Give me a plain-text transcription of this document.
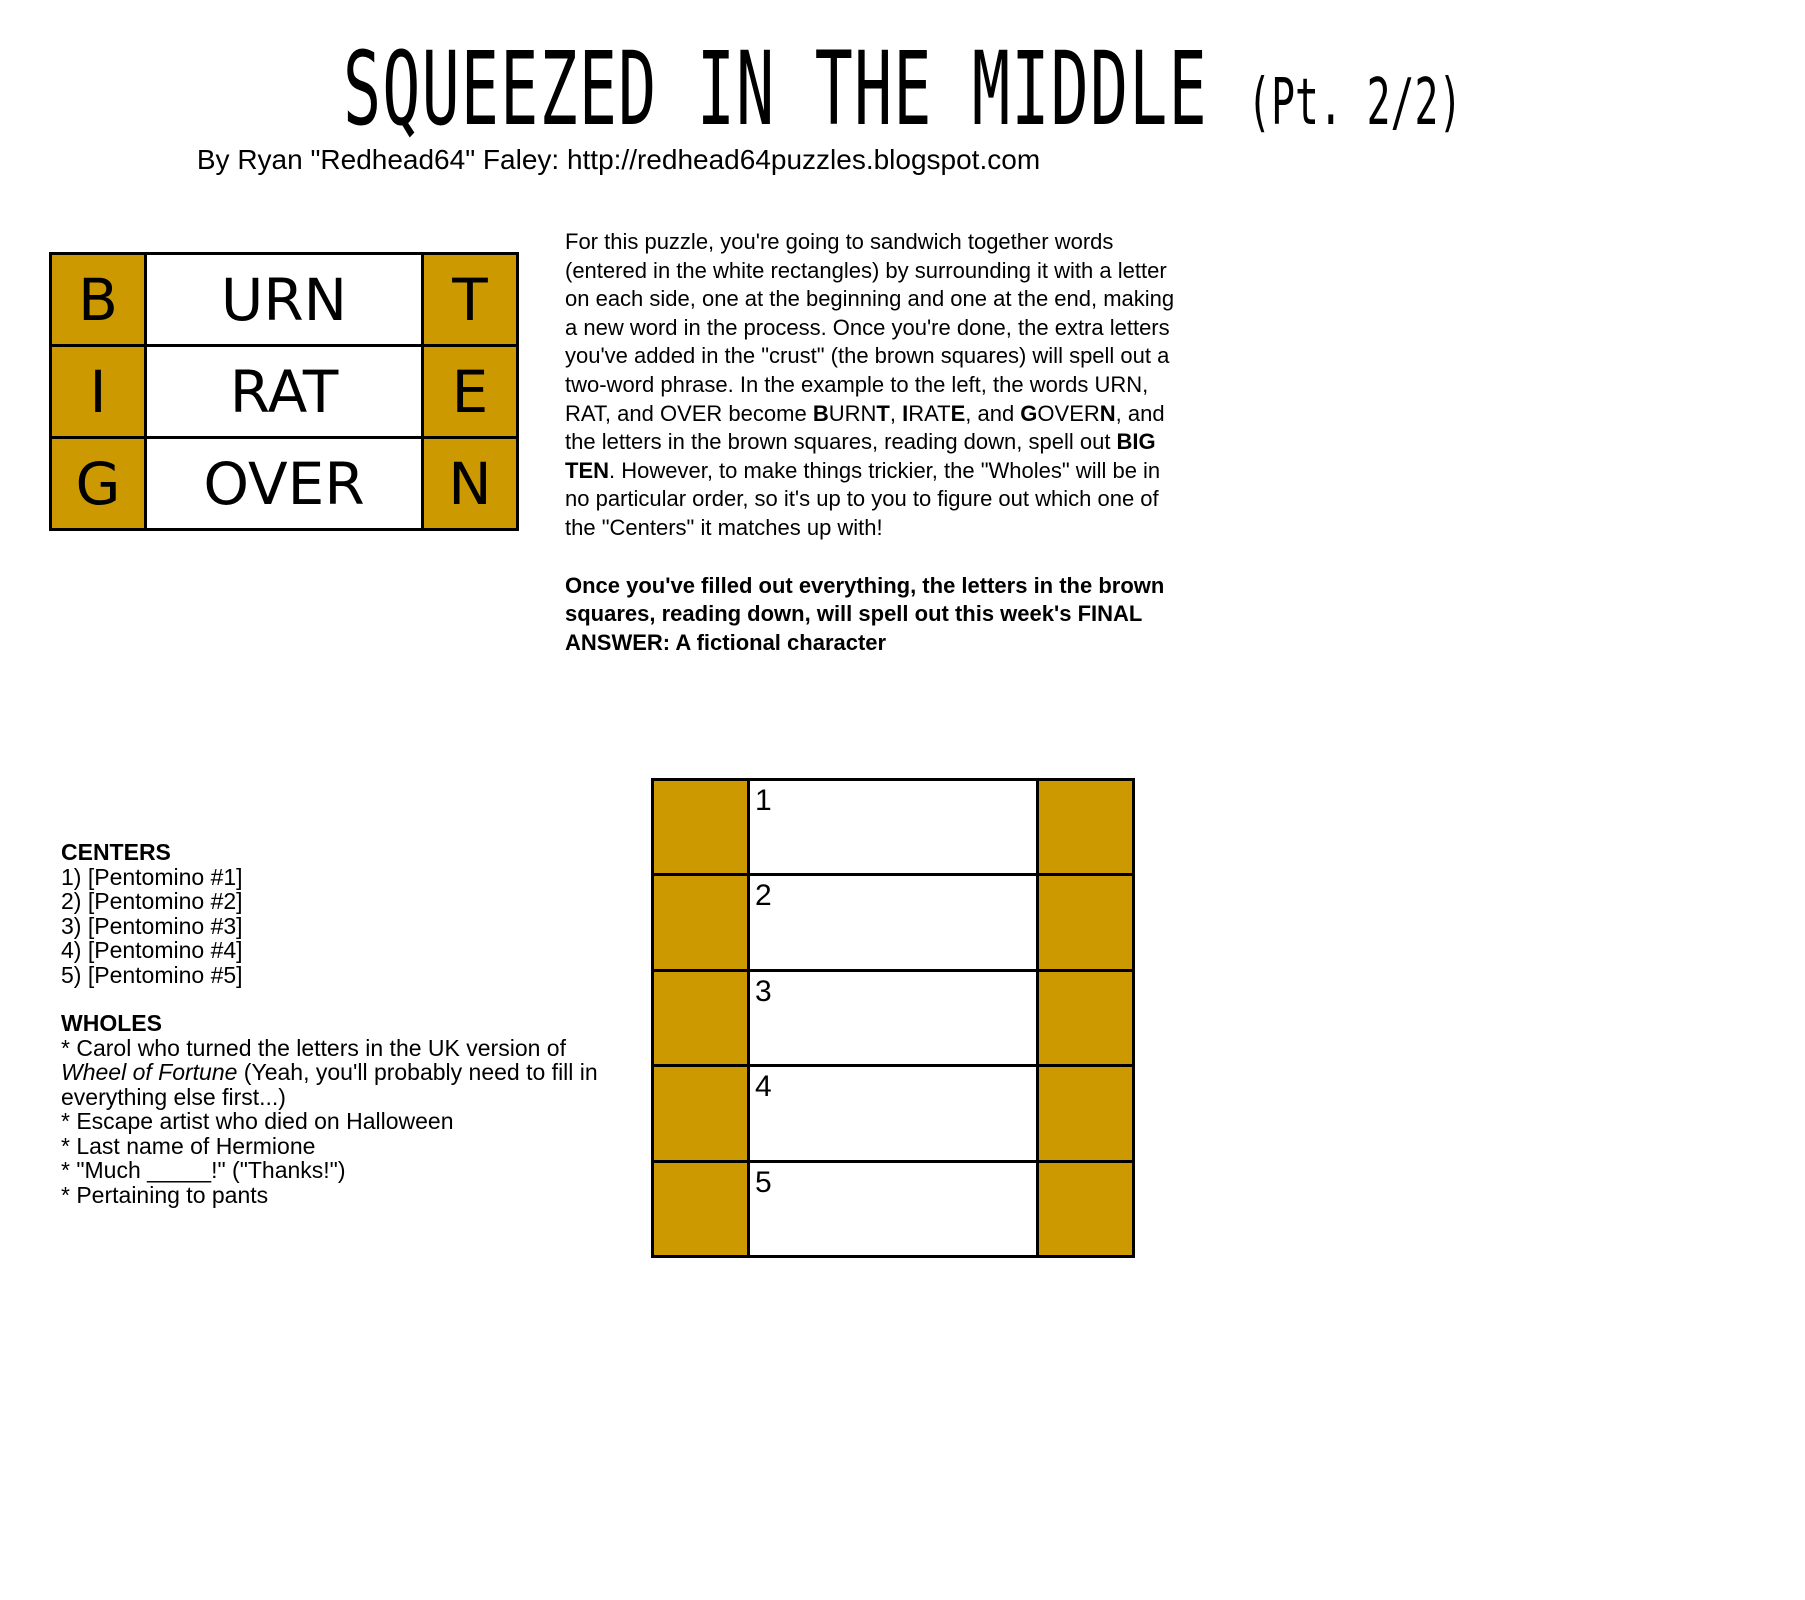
SQUEEZED IN THE MIDDLE (Pt. 2/2)
By Ryan "Redhead64" Faley: http://redhead64puzzles.blogspot.com
B	URN	T
I	RAT	E
G	OVER	N

For this puzzle, you're going to sandwich together words (entered in the white rectangles) by surrounding it with a letter on each side, one at the beginning and one at the end, making a new word in the process. Once you're done, the extra letters you've added in the "crust" (the brown squares) will spell out a two-word phrase. In the example to the left, the words URN, RAT, and OVER become BURNT, IRATE, and GOVERN, and the letters in the brown squares, reading down, spell out BIG TEN. However, to make things trickier, the "Wholes" will be in no particular order, so it's up to you to figure out which one of the "Centers" it matches up with!

Once you've filled out everything, the letters in the brown squares, reading down, will spell out this week's FINAL ANSWER: A fictional character

CENTERS
1) [Pentomino #1]
2) [Pentomino #2]
3) [Pentomino #3]
4) [Pentomino #4]
5) [Pentomino #5]
WHOLES
* Carol who turned the letters in the UK version of Wheel of Fortune (Yeah, you'll probably need to fill in everything else first...)
* Escape artist who died on Halloween
* Last name of Hermione
* "Much _____!" ("Thanks!")
* Pertaining to pants
1
2
3
4
5
